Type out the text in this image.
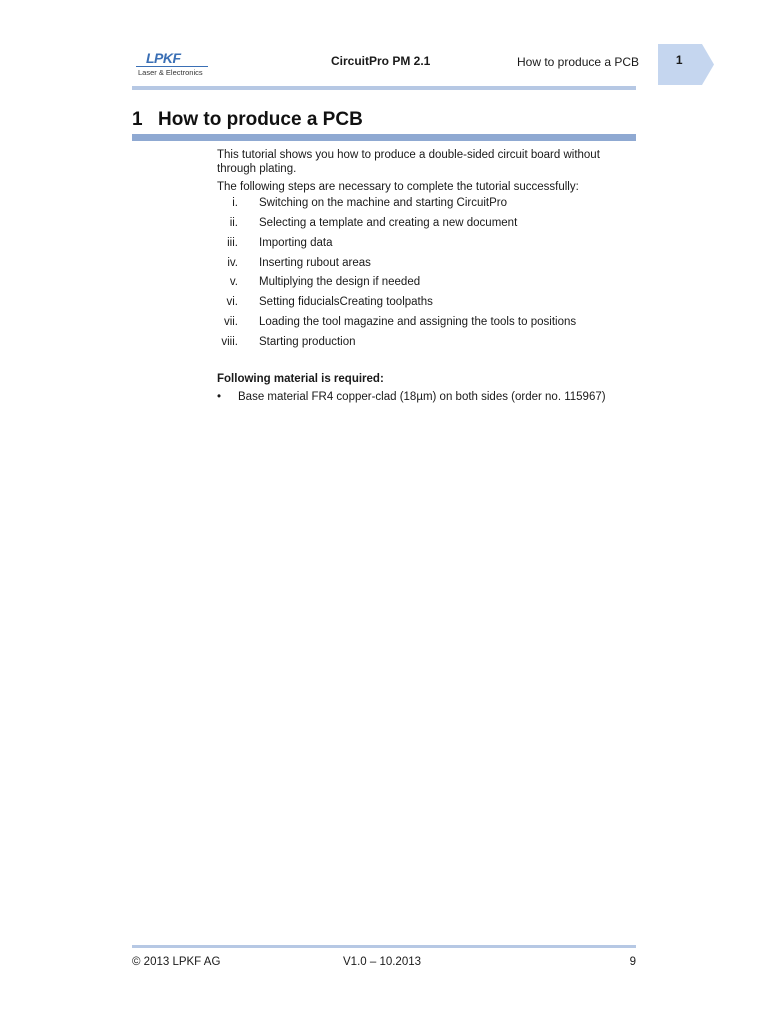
LPKF
Laser & Electronics
CircuitPro PM 2.1	How to produce a PCB	1
1 How to produce a PCB
This tutorial shows you how to produce a double-sided circuit board without through plating.
The following steps are necessary to complete the tutorial successfully:
i. Switching on the machine and starting CircuitPro
ii. Selecting a template and creating a new document
iii. Importing data
iv. Inserting rubout areas
v. Multiplying the design if needed
vi. Setting fiducialsCreating toolpaths
vii. Loading the tool magazine and assigning the tools to positions
viii. Starting production
Following material is required:
• Base material FR4 copper-clad (18µm) on both sides (order no. 115967)
© 2013 LPKF AG	V1.0 – 10.2013	9
